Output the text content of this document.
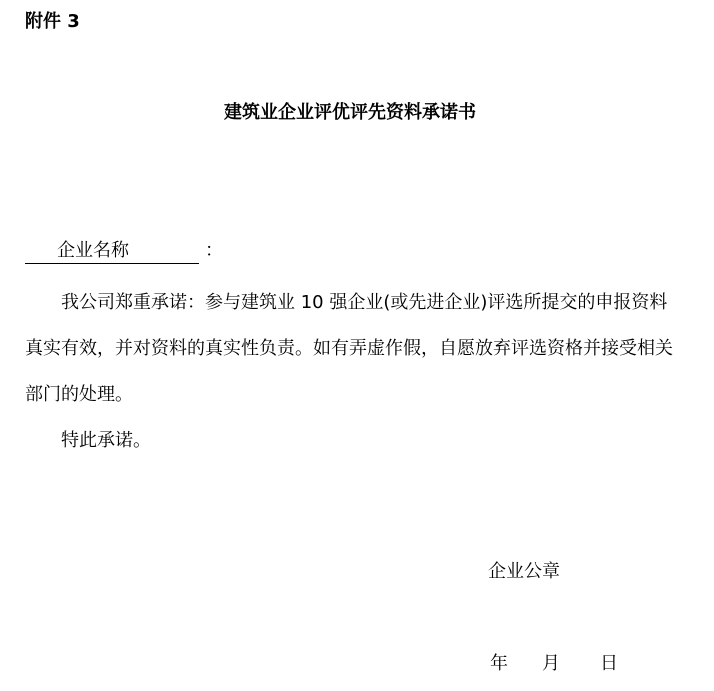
附件 3
建筑业企业评优评先资料承诺书
企业名称	：

我公司郑重承诺：参与建筑业 10 强企业(或先进企业)评选所提交的申报资料真实有效，并对资料的真实性负责。如有弄虚作假，自愿放弃评选资格并接受相关部门的处理。

特此承诺。

企业公章
年 月 日
